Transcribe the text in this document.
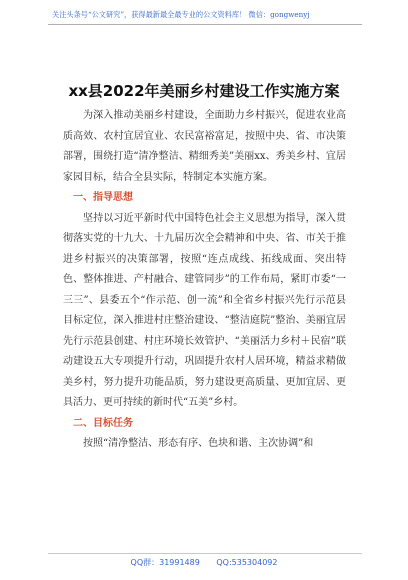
关注头条号“公文研究”，获得最新最全最专业的公文资料库！ 微信：gongwenyj
xx县2022年美丽乡村建设工作实施方案

为深入推动美丽乡村建设，全面助力乡村振兴，促进农业高质高效、农村宜居宜业、农民富裕富足，按照中央、省、市决策部署，围绕打造“清净整洁、精细秀美”美丽xx、秀美乡村、宜居家园目标，结合全县实际，特制定本实施方案。

一、指导思想

坚持以习近平新时代中国特色社会主义思想为指导，深入贯彻落实党的十九大、十九届历次全会精神和中央、省、市关于推进乡村振兴的决策部署，按照“连点成线、拓线成面、突出特色、整体推进、产村融合、建管同步”的工作布局，紧盯市委“一三三”、县委五个“作示范、创一流”和全省乡村振兴先行示范县目标定位，深入推进村庄整治建设、“整洁庭院”整治、美丽宜居先行示范县创建、村庄环境长效管护、“美丽活力乡村＋民宿”联动建设五大专项提升行动，巩固提升农村人居环境，精益求精做美乡村，努力提升功能品质，努力建设更高质量、更加宜居、更具活力、更可持续的新时代“五美”乡村。

二、目标任务

按照“清净整洁、形态有序、色块和谐、主次协调”和

QQ群：31991489 QQ:535304092
